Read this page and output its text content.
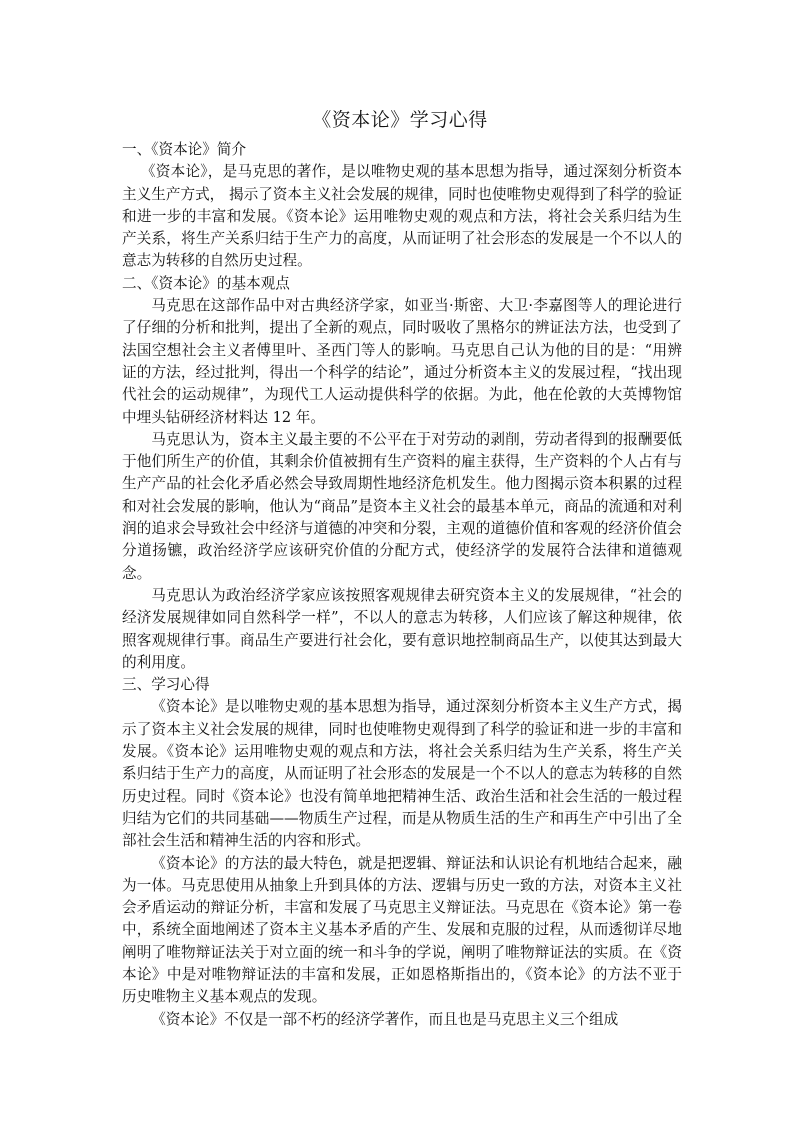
《资本论》学习心得
一、《资本论》简介

《资本论》，是马克思的著作，是以唯物史观的基本思想为指导，通过深刻分析资本主义生产方式， 揭示了资本主义社会发展的规律，同时也使唯物史观得到了科学的验证和进一步的丰富和发展。《资本论》运用唯物史观的观点和方法，将社会关系归结为生产关系，将生产关系归结于生产力的高度，从而证明了社会形态的发展是一个不以人的意志为转移的自然历史过程。

二、《资本论》的基本观点

马克思在这部作品中对古典经济学家，如亚当·斯密、大卫·李嘉图等人的理论进行了仔细的分析和批判，提出了全新的观点，同时吸收了黑格尔的辨证法方法，也受到了法国空想社会主义者傅里叶、圣西门等人的影响。马克思自己认为他的目的是：“用辨证的方法，经过批判，得出一个科学的结论”，通过分析资本主义的发展过程，“找出现代社会的运动规律”，为现代工人运动提供科学的依据。为此，他在伦敦的大英博物馆中埋头钻研经济材料达 12 年。

马克思认为，资本主义最主要的不公平在于对劳动的剥削，劳动者得到的报酬要低于他们所生产的价值，其剩余价值被拥有生产资料的雇主获得，生产资料的个人占有与生产产品的社会化矛盾必然会导致周期性地经济危机发生。他力图揭示资本积累的过程和对社会发展的影响，他认为“商品”是资本主义社会的最基本单元，商品的流通和对利润的追求会导致社会中经济与道德的冲突和分裂，主观的道德价值和客观的经济价值会分道扬镳，政治经济学应该研究价值的分配方式，使经济学的发展符合法律和道德观念。

马克思认为政治经济学家应该按照客观规律去研究资本主义的发展规律，“社会的经济发展规律如同自然科学一样”，不以人的意志为转移，人们应该了解这种规律，依照客观规律行事。商品生产要进行社会化，要有意识地控制商品生产，以使其达到最大的利用度。

三、学习心得

《资本论》是以唯物史观的基本思想为指导，通过深刻分析资本主义生产方式，揭示了资本主义社会发展的规律，同时也使唯物史观得到了科学的验证和进一步的丰富和发展。《资本论》运用唯物史观的观点和方法，将社会关系归结为生产关系，将生产关系归结于生产力的高度，从而证明了社会形态的发展是一个不以人的意志为转移的自然历史过程。同时《资本论》也没有简单地把精神生活、政治生活和社会生活的一般过程归结为它们的共同基础——物质生产过程，而是从物质生活的生产和再生产中引出了全部社会生活和精神生活的内容和形式。

《资本论》的方法的最大特色，就是把逻辑、辩证法和认识论有机地结合起来，融为一体。马克思使用从抽象上升到具体的方法、逻辑与历史一致的方法，对资本主义社会矛盾运动的辩证分析，丰富和发展了马克思主义辩证法。马克思在《资本论》第一卷中，系统全面地阐述了资本主义基本矛盾的产生、发展和克服的过程，从而透彻详尽地阐明了唯物辩证法关于对立面的统一和斗争的学说，阐明了唯物辩证法的实质。在《资本论》中是对唯物辩证法的丰富和发展，正如恩格斯指出的，《资本论》的方法不亚于历史唯物主义基本观点的发现。

《资本论》不仅是一部不朽的经济学著作，而且也是马克思主义三个组成
